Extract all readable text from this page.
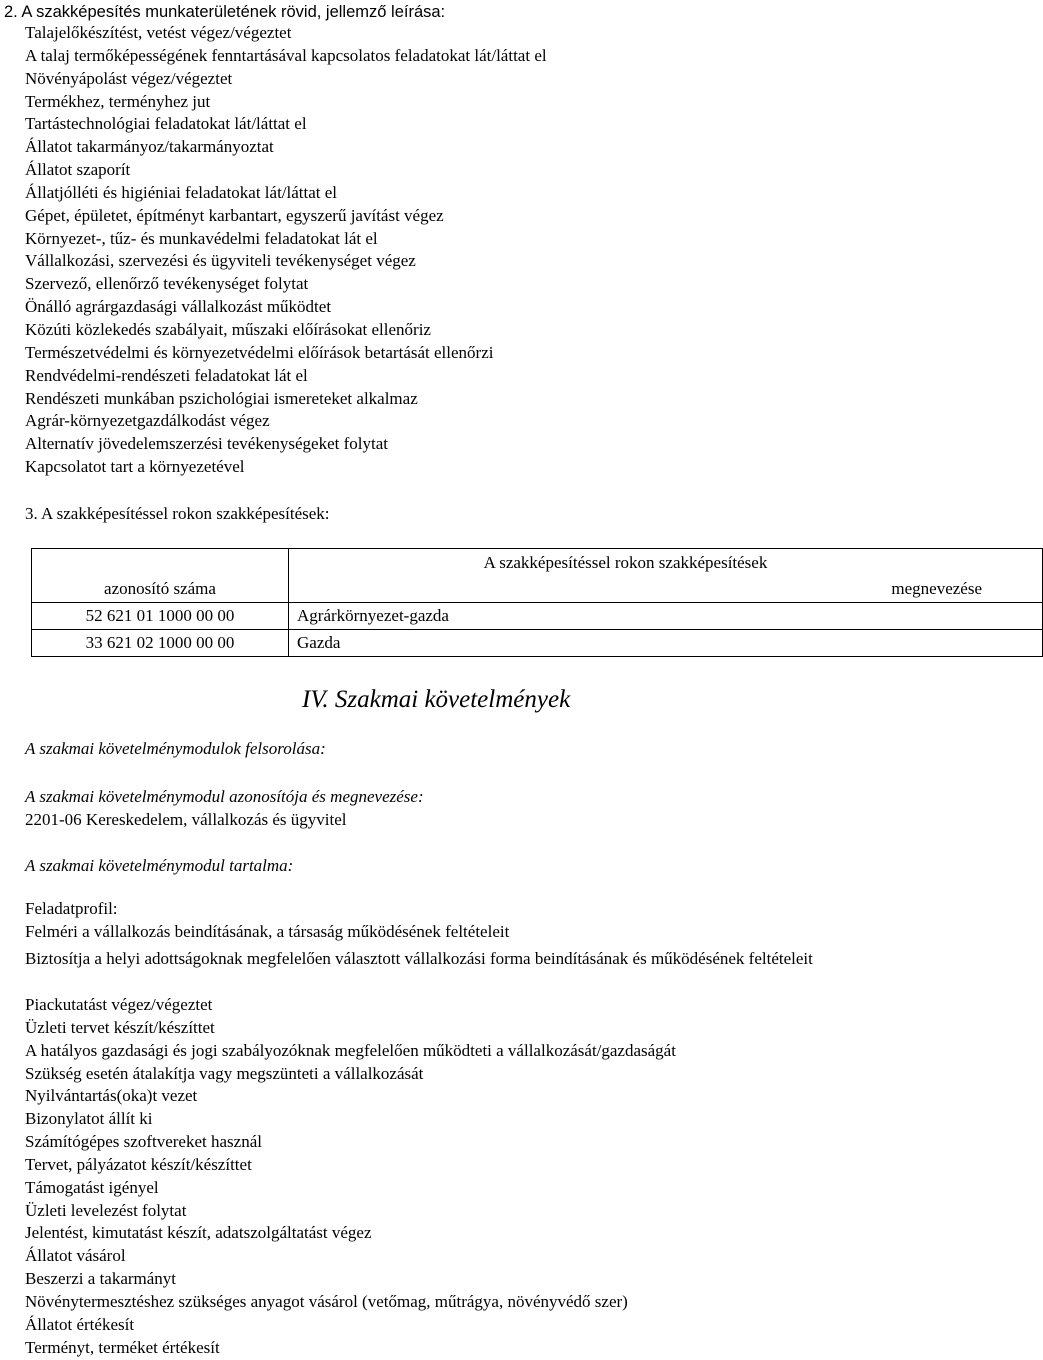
2. A szakképesítés munkaterületének rövid, jellemző leírása:
Talajelőkészítést, vetést végez/végeztet
A talaj termőképességének fenntartásával kapcsolatos feladatokat lát/láttat el
Növényápolást végez/végeztet
Termékhez, terményhez jut
Tartástechnológiai feladatokat lát/láttat el
Állatot takarmányoz/takarmányoztat
Állatot szaporít
Állatjólléti és higiéniai feladatokat lát/láttat el
Gépet, épületet, építményt karbantart, egyszerű javítást végez
Környezet-, tűz- és munkavédelmi feladatokat lát el
Vállalkozási, szervezési és ügyviteli tevékenységet végez
Szervező, ellenőrző tevékenységet folytat
Önálló agrárgazdasági vállalkozást működtet
Közúti közlekedés szabályait, műszaki előírásokat ellenőriz
Természetvédelmi és környezetvédelmi előírások betartását ellenőrzi
Rendvédelmi-rendészeti feladatokat lát el
Rendészeti munkában pszichológiai ismereteket alkalmaz
Agrár-környezetgazdálkodást végez
Alternatív jövedelemszerzési tevékenységeket folytat
Kapcsolatot tart a környezetével
3. A szakképesítéssel rokon szakképesítések:
	A szakképesítéssel rokon szakképesítések
azonosító száma	megnevezése
52 621 01 1000 00 00	Agrárkörnyezet-gazda
33 621 02 1000 00 00	Gazda
IV. Szakmai követelmények
A szakmai követelménymodulok felsorolása:
A szakmai követelménymodul azonosítója és megnevezése:
2201-06 Kereskedelem, vállalkozás és ügyvitel
A szakmai követelménymodul tartalma:
Feladatprofil:
Felméri a vállalkozás beindításának, a társaság működésének feltételeit
Biztosítja a helyi adottságoknak megfelelően választott vállalkozási forma beindításának és működésének feltételeit
Piackutatást végez/végeztet
Üzleti tervet készít/készíttet
A hatályos gazdasági és jogi szabályozóknak megfelelően működteti a vállalkozását/gazdaságát
Szükség esetén átalakítja vagy megszünteti a vállalkozását
Nyilvántartás(oka)t vezet
Bizonylatot állít ki
Számítógépes szoftvereket használ
Tervet, pályázatot készít/készíttet
Támogatást igényel
Üzleti levelezést folytat
Jelentést, kimutatást készít, adatszolgáltatást végez
Állatot vásárol
Beszerzi a takarmányt
Növénytermesztéshez szükséges anyagot vásárol (vetőmag, műtrágya, növényvédő szer)
Állatot értékesít
Terményt, terméket értékesít
